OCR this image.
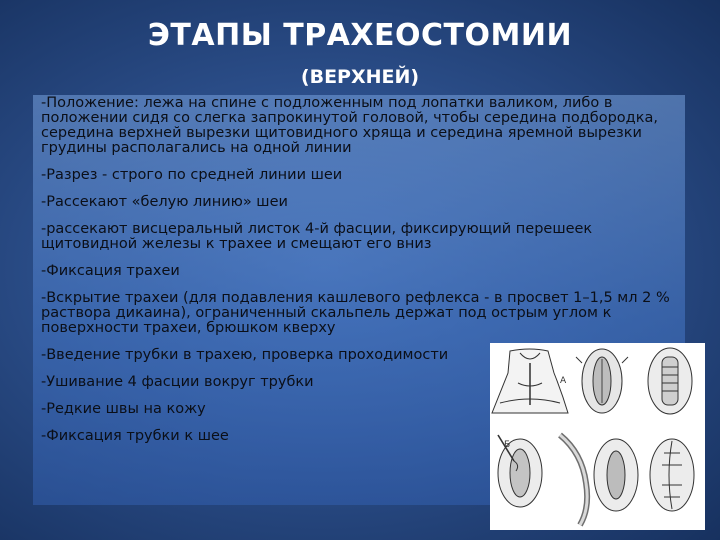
ЭТАПЫ ТРАХЕОСТОМИИ
(ВЕРХНЕЙ)
-Положение: лежа на спине с подложенным под лопатки валиком, либо в положении сидя со слегка запрокинутой головой, чтобы середина подбородка, середина верхней вырезки щитовидного хряща и середина яремной вырезки грудины располагались на одной линии
-Разрез - строго по средней линии шеи
-Рассекают «белую линию» шеи
-рассекают висцеральный листок 4-й фасции, фиксирующий перешеек щитовидной железы к трахее и смещают его вниз
-Фиксация трахеи
-Вскрытие трахеи (для подавления кашлевого рефлекса - в просвет 1–1,5 мл 2 % раствора дикаина), ограниченный скальпель держат под острым углом к поверхности трахеи, брюшком кверху
-Введение трубки в трахею, проверка проходимости
-Ушивание 4 фасции вокруг трубки
-Редкие швы на кожу
-Фиксация трубки к шее
A
Б
